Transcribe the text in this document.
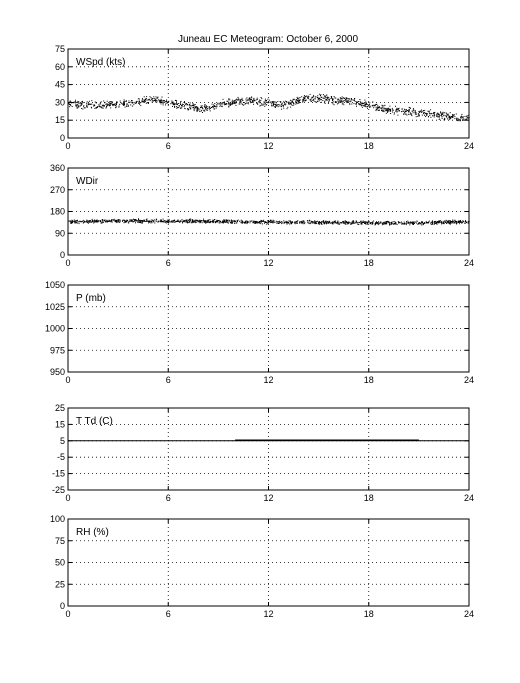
Juneau EC Meteogram: October 6, 2000
0	6	12	18	24
0
15
30
45
60
75
WSpd (kts)
0	6	12	18	24
0
90
180
270
360
WDir
0	6	12	18	24
950
975
1000
1025
1050
P (mb)
0	6	12	18	24
-25
-15
-5
5
15
25
T Td (C)
0	6	12	18	24
0
25
50
75
100
RH (%)
